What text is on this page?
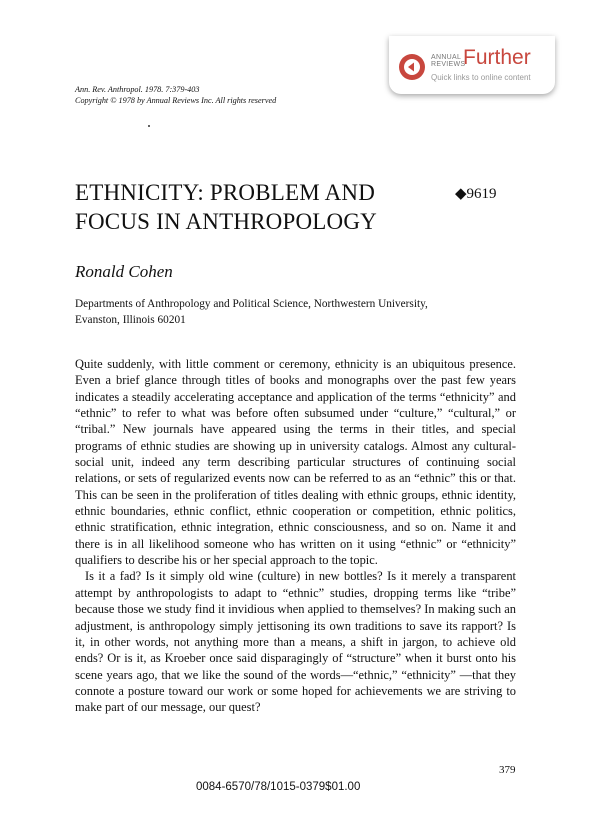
ANNUAL
REVIEWS
Further
Quick links to online content
Ann. Rev. Anthropol. 1978. 7:379-403
Copyright © 1978 by Annual Reviews Inc. All rights reserved
ETHNICITY: PROBLEM AND
FOCUS IN ANTHROPOLOGY
◆9619
Ronald Cohen
Departments of Anthropology and Political Science, Northwestern University,
Evanston, Illinois 60201

Quite suddenly, with little comment or ceremony, ethnicity is an ubiquitous presence. Even a brief glance through titles of books and monographs over the past few years indicates a steadily accelerating acceptance and application of the terms “ethnicity” and “ethnic” to refer to what was before often subsumed under “culture,” “cultural,” or “tribal.” New journals have appeared using the terms in their titles, and special programs of ethnic studies are showing up in university catalogs. Almost any cultural-social unit, indeed any term describing particular structures of continuing social relations, or sets of regularized events now can be referred to as an “ethnic” this or that. This can be seen in the proliferation of titles dealing with ethnic groups, ethnic identity, ethnic boundaries, ethnic conflict, ethnic cooperation or competition, ethnic politics, ethnic stratification, ethnic integration, ethnic consciousness, and so on. Name it and there is in all likelihood someone who has written on it using “ethnic” or “ethnicity” qualifiers to describe his or her special approach to the topic.

Is it a fad? Is it simply old wine (culture) in new bottles? Is it merely a transparent attempt by anthropologists to adapt to “ethnic” studies, dropping terms like “tribe” because those we study find it invidious when applied to themselves? In making such an adjustment, is anthropology simply jettisoning its own traditions to save its rapport? Is it, in other words, not anything more than a means, a shift in jargon, to achieve old ends? Or is it, as Kroeber once said disparagingly of “structure” when it burst onto his scene years ago, that we like the sound of the words—“ethnic,” “ethnicity” —that they connote a posture toward our work or some hoped for achievements we are striving to make part of our message, our quest?

379
0084-6570/78/1015-0379$01.00
